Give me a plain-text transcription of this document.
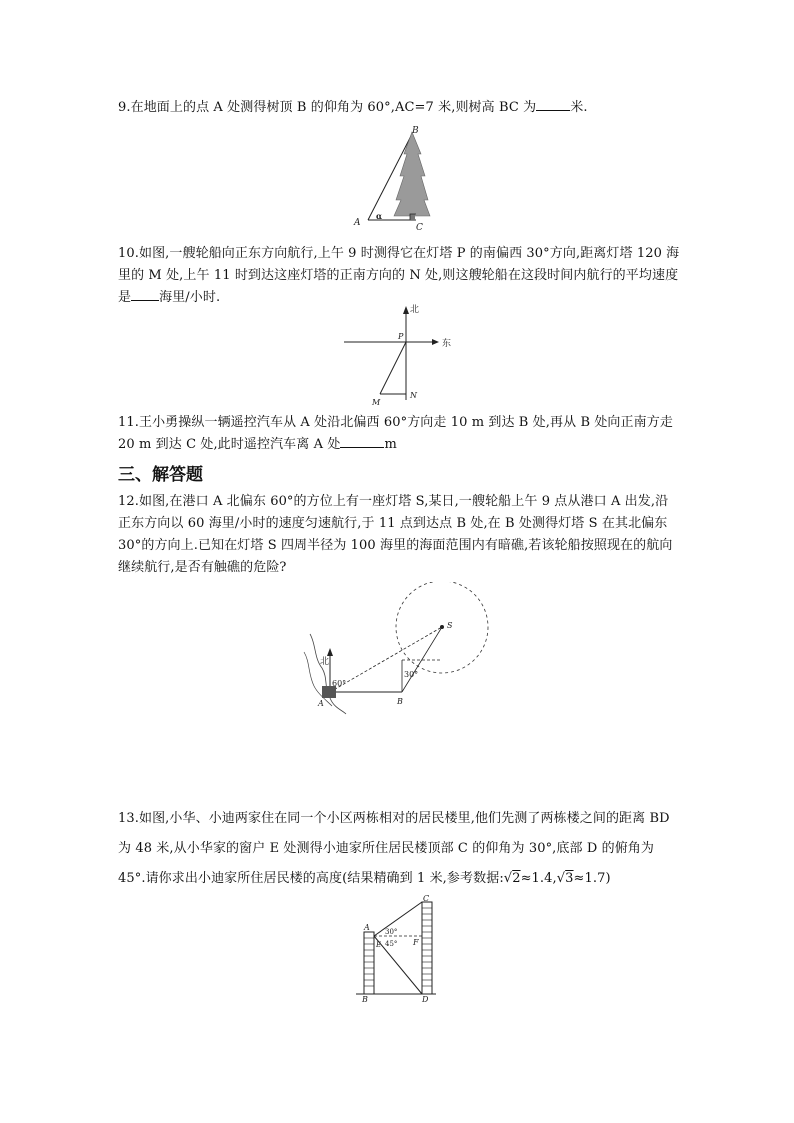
9.在地面上的点 A 处测得树顶 B 的仰角为 60°,AC=7 米,则树高 BC 为	米.
A
B
C
α
10.如图,一艘轮船向正东方向航行,上午 9 时测得它在灯塔 P 的南偏西 30°方向,距离灯塔 120 海里的 M 处,上午 11 时到达这座灯塔的正南方向的 N 处,则这艘轮船在这段时间内航行的平均速度是 海里/小时.
北
东
P
M
N
11.王小勇操纵一辆遥控汽车从 A 处沿北偏西 60°方向走 10 m 到达 B 处,再从 B 处向正南方走 20 m 到达 C 处,此时遥控汽车离 A 处	m
三、解答题
12.如图,在港口 A 北偏东 60°的方位上有一座灯塔 S,某日,一艘轮船上午 9 点从港口 A 出发,沿正东方向以 60 海里/小时的速度匀速航行,于 11 点到达点 B 处,在 B 处测得灯塔 S 在其北偏东 30°的方向上.已知在灯塔 S 四周半径为 100 海里的海面范围内有暗礁,若该轮船按照现在的航向继续航行,是否有触礁的危险?
北
60°
30°
A	B
S
13.如图,小华、小迪两家住在同一个小区两栋相对的居民楼里,他们先测了两栋楼之间的距离 BD 为 48 米,从小华家的窗户 E 处测得小迪家所住居民楼顶部 C 的仰角为 30°,底部 D 的俯角为 45°.请你求出小迪家所住居民楼的高度(结果精确到 1 米,参考数据:√2≈1.4,√3≈1.7)
A
E
30°
45° F
C
B	D
